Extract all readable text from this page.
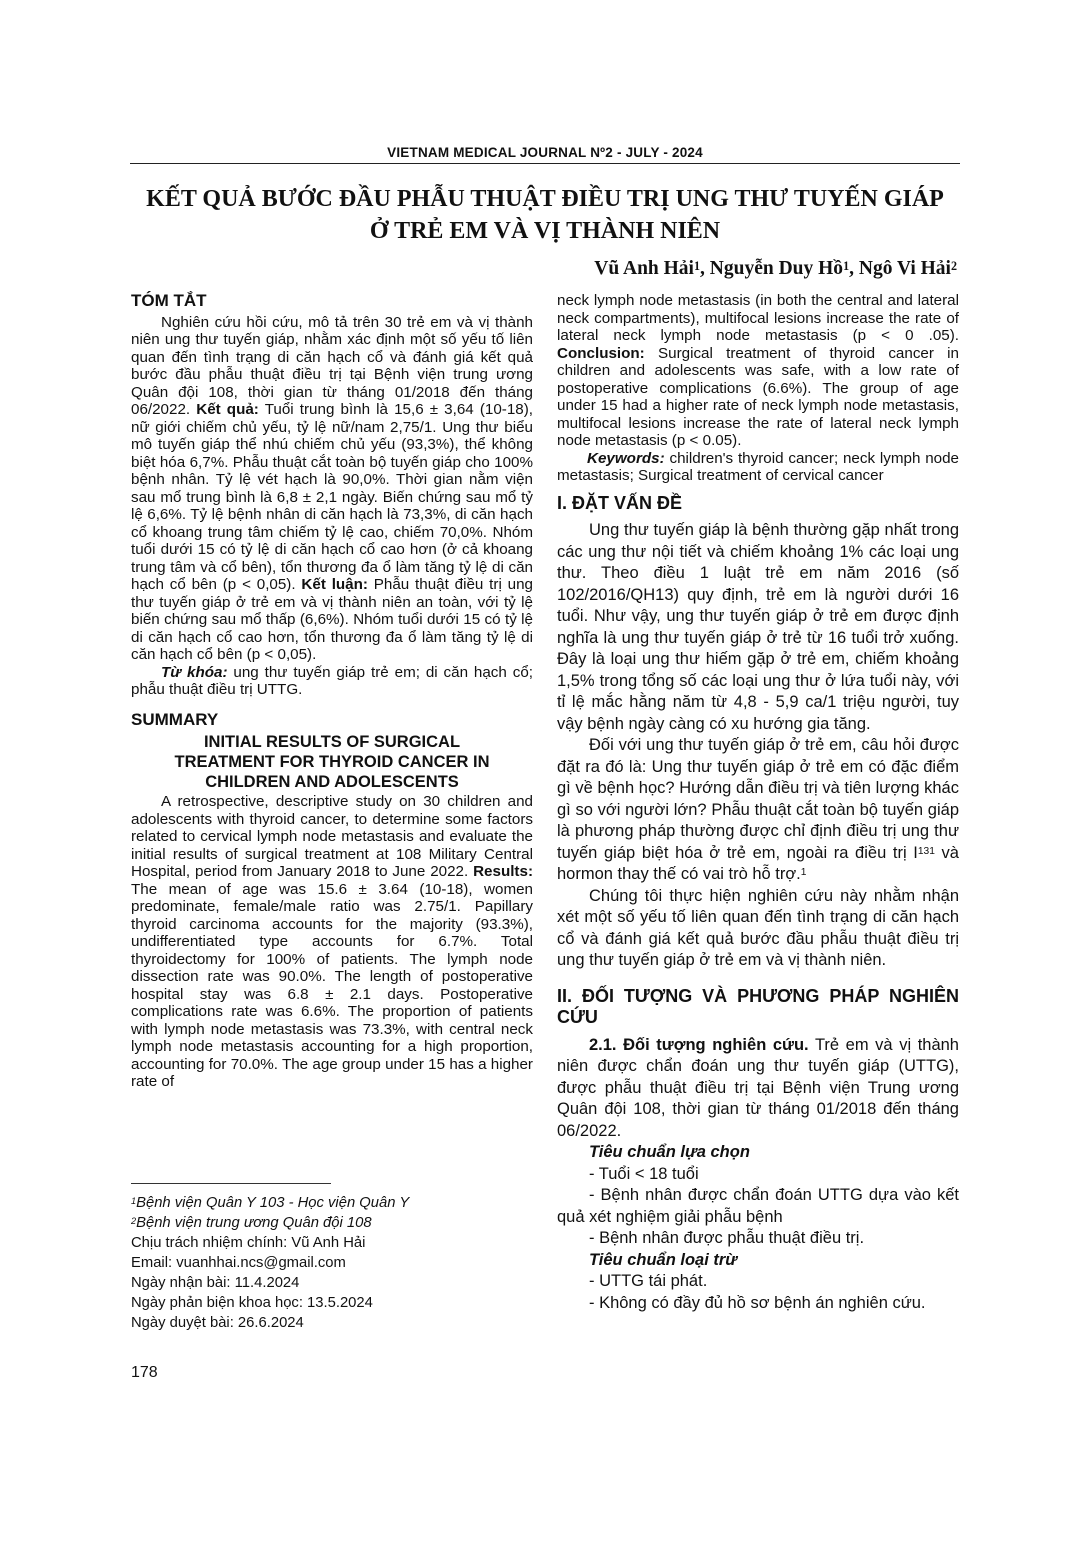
VIETNAM MEDICAL JOURNAL Nº2 - JULY - 2024
KẾT QUẢ BƯỚC ĐẦU PHẪU THUẬT ĐIỀU TRỊ UNG THƯ TUYẾN GIÁP
Ở TRẺ EM VÀ VỊ THÀNH NIÊN
Vũ Anh Hải$^1$, Nguyễn Duy Hồ$^1$, Ngô Vi Hải$^2$
TÓM TẮT

Nghiên cứu hồi cứu, mô tả trên 30 trẻ em và vị thành niên ung thư tuyến giáp, nhằm xác định một số yếu tố liên quan đến tình trạng di căn hạch cổ và đánh giá kết quả bước đầu phẫu thuật điều trị tại Bệnh viện trung ương Quân đội 108, thời gian từ tháng 01/2018 đến tháng 06/2022. Kết quả: Tuổi trung bình là 15,6 ± 3,64 (10-18), nữ giới chiếm chủ yếu, tỷ lệ nữ/nam 2,75/1. Ung thư biểu mô tuyến giáp thể nhú chiếm chủ yếu (93,3%), thể không biệt hóa 6,7%. Phẫu thuật cắt toàn bộ tuyến giáp cho 100% bệnh nhân. Tỷ lệ vét hạch là 90,0%. Thời gian nằm viện sau mổ trung bình là 6,8 ± 2,1 ngày. Biến chứng sau mổ tỷ lệ 6,6%. Tỷ lệ bệnh nhân di căn hạch là 73,3%, di căn hạch cổ khoang trung tâm chiếm tỷ lệ cao, chiếm 70,0%. Nhóm tuổi dưới 15 có tỷ lệ di căn hạch cổ cao hơn (ở cả khoang trung tâm và cổ bên), tổn thương đa ổ làm tăng tỷ lệ di căn hạch cổ bên (p < 0,05). Kết luận: Phẫu thuật điều trị ung thư tuyến giáp ở trẻ em và vị thành niên an toàn, với tỷ lệ biến chứng sau mổ thấp (6,6%). Nhóm tuổi dưới 15 có tỷ lệ di căn hạch cổ cao hơn, tổn thương đa ổ làm tăng tỷ lệ di căn hạch cổ bên (p < 0,05).

Từ khóa: ung thư tuyến giáp trẻ em; di căn hạch cổ; phẫu thuật điều trị UTTG.

SUMMARY
INITIAL RESULTS OF SURGICAL
TREATMENT FOR THYROID CANCER IN
CHILDREN AND ADOLESCENTS

A retrospective, descriptive study on 30 children and adolescents with thyroid cancer, to determine some factors related to cervical lymph node metastasis and evaluate the initial results of surgical treatment at 108 Military Central Hospital, period from January 2018 to June 2022. Results: The mean of age was 15.6 ± 3.64 (10-18), women predominate, female/male ratio was 2.75/1. Papillary thyroid carcinoma accounts for the majority (93.3%), undifferentiated type accounts for 6.7%. Total thyroidectomy for 100% of patients. The lymph node dissection rate was 90.0%. The length of postoperative hospital stay was 6.8 ± 2.1 days. Postoperative complications rate was 6.6%. The proportion of patients with lymph node metastasis was 73.3%, with central neck lymph node metastasis accounting for a high proportion, accounting for 70.0%. The age group under 15 has a higher rate of

$^1$Bệnh viện Quân Y 103 - Học viện Quân Y
$^2$Bệnh viện trung ương Quân đội 108
Chịu trách nhiệm chính: Vũ Anh Hải
Email: vuanhhai.ncs@gmail.com
Ngày nhận bài: 11.4.2024
Ngày phản biện khoa học: 13.5.2024
Ngày duyệt bài: 26.6.2024
178

neck lymph node metastasis (in both the central and lateral neck compartments), multifocal lesions increase the rate of lateral neck lymph node metastasis (p < 0 .05). Conclusion: Surgical treatment of thyroid cancer in children and adolescents was safe, with a low rate of postoperative complications (6.6%). The group of age under 15 had a higher rate of neck lymph node metastasis, multifocal lesions increase the rate of lateral neck lymph node metastasis (p < 0.05).

Keywords: children's thyroid cancer; neck lymph node metastasis; Surgical treatment of cervical cancer

I. ĐẶT VẤN ĐỀ

Ung thư tuyến giáp là bệnh thường gặp nhất trong các ung thư nội tiết và chiếm khoảng 1% các loại ung thư. Theo điều 1 luật trẻ em năm 2016 (số 102/2016/QH13) quy định, trẻ em là người dưới 16 tuổi. Như vậy, ung thư tuyến giáp ở trẻ em được định nghĩa là ung thư tuyến giáp ở trẻ từ 16 tuổi trở xuống. Đây là loại ung thư hiếm gặp ở trẻ em, chiếm khoảng 1,5% trong tổng số các loại ung thư ở lứa tuổi này, với tỉ lệ mắc hằng năm từ 4,8 - 5,9 ca/1 triệu người, tuy vậy bệnh ngày càng có xu hướng gia tăng.

Đối với ung thư tuyến giáp ở trẻ em, câu hỏi được đặt ra đó là: Ung thư tuyến giáp ở trẻ em có đặc điểm gì về bệnh học? Hướng dẫn điều trị và tiên lượng khác gì so với người lớn? Phẫu thuật cắt toàn bộ tuyến giáp là phương pháp thường được chỉ định điều trị ung thư tuyến giáp biệt hóa ở trẻ em, ngoài ra điều trị $I^{131}$ và hormon thay thế có vai trò hỗ trợ.$^1$

Chúng tôi thực hiện nghiên cứu này nhằm nhận xét một số yếu tố liên quan đến tình trạng di căn hạch cổ và đánh giá kết quả bước đầu phẫu thuật điều trị ung thư tuyến giáp ở trẻ em và vị thành niên.

II. ĐỐI TƯỢNG VÀ PHƯƠNG PHÁP NGHIÊN CỨU

2.1. Đối tượng nghiên cứu. Trẻ em và vị thành niên được chẩn đoán ung thư tuyến giáp (UTTG), được phẫu thuật điều trị tại Bệnh viện Trung ương Quân đội 108, thời gian từ tháng 01/2018 đến tháng 06/2022.

Tiêu chuẩn lựa chọn

- Tuổi < 18 tuổi

- Bệnh nhân được chẩn đoán UTTG dựa vào kết quả xét nghiệm giải phẫu bệnh

- Bệnh nhân được phẫu thuật điều trị.

Tiêu chuẩn loại trừ

- UTTG tái phát.

- Không có đầy đủ hồ sơ bệnh án nghiên cứu.
